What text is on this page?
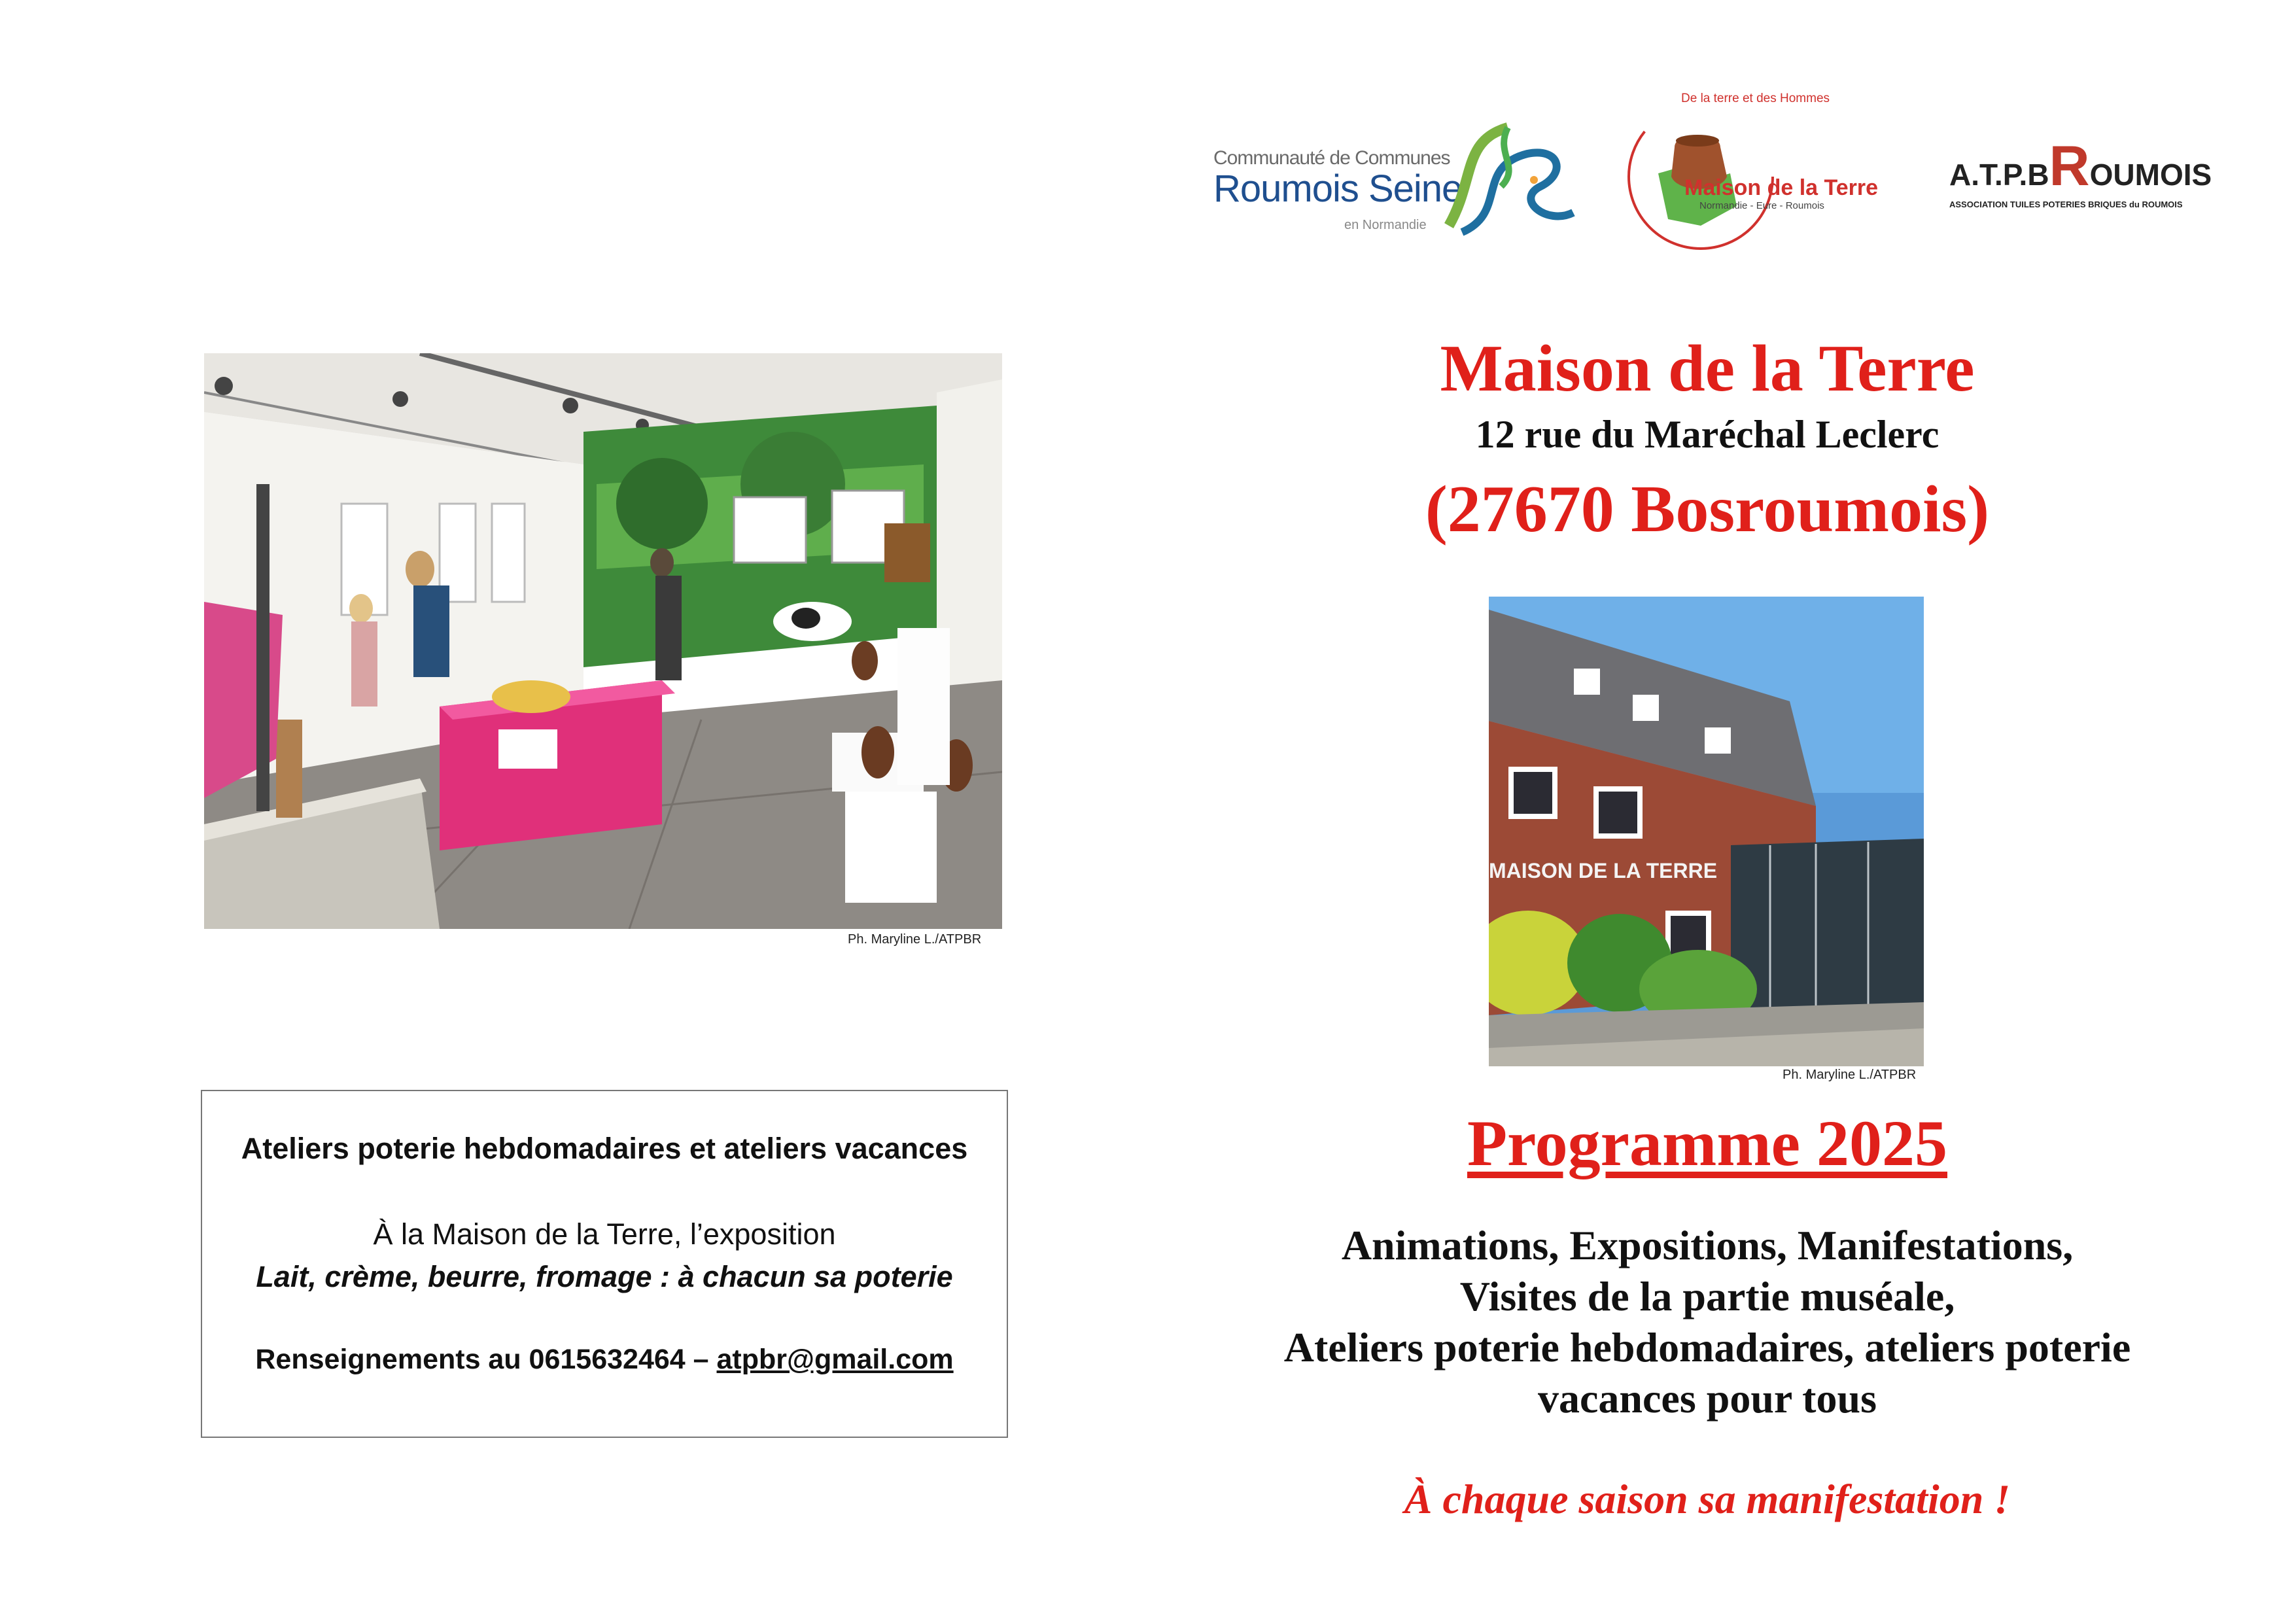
Communauté de Communes
Roumois Seine
en Normandie
De la terre et des Hommes
Maison de la Terre
Normandie - Eure - Roumois
A.T.P.BROUMOIS
ASSOCIATION TUILES POTERIES BRIQUES du ROUMOIS
Ph. Maryline L./ATPBR
Ateliers poterie hebdomadaires et ateliers vacances
À la Maison de la Terre, l’exposition
Lait, crème, beurre, fromage : à chacun sa poterie
Renseignements au 0615632464 – atpbr@gmail.com
Maison de la Terre
12 rue du Maréchal Leclerc
(27670 Bosroumois)
MAISON DE LA TERRE
Ph. Maryline L./ATPBR
Programme 2025
Animations, Expositions, Manifestations,
Visites de la partie muséale,
Ateliers poterie hebdomadaires, ateliers poterie
vacances pour tous
À chaque saison sa manifestation !
